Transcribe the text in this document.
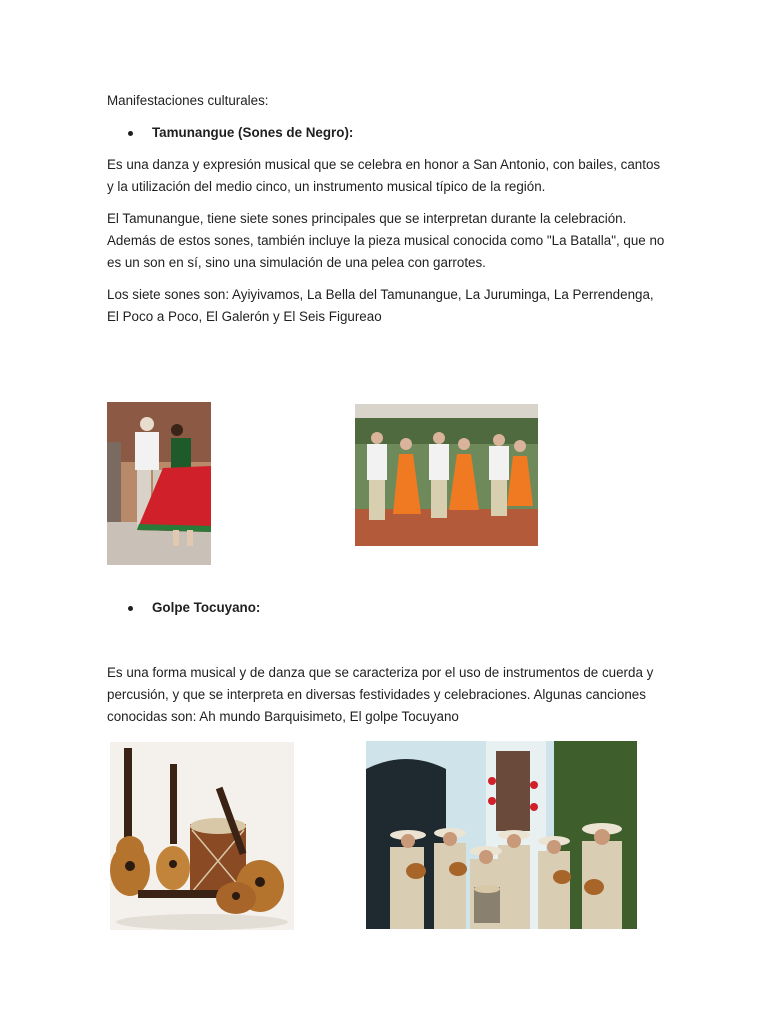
Manifestaciones culturales:

Tamunangue (Sones de Negro):

Es una danza y expresión musical que se celebra en honor a San Antonio, con bailes, cantos y la utilización del medio cinco, un instrumento musical típico de la región.

El Tamunangue, tiene siete sones principales que se interpretan durante la celebración. Además de estos sones, también incluye la pieza musical conocida como "La Batalla", que no es un son en sí, sino una simulación de una pelea con garrotes.

Los siete sones son: Ayiyivamos, La Bella del Tamunangue, La Juruminga, La Perrendenga, El Poco a Poco, El Galerón y El Seis Figureao

Golpe Tocuyano:

Es una forma musical y de danza que se caracteriza por el uso de instrumentos de cuerda y percusión, y que se interpreta en diversas festividades y celebraciones. Algunas canciones conocidas son: Ah mundo Barquisimeto, El golpe Tocuyano
